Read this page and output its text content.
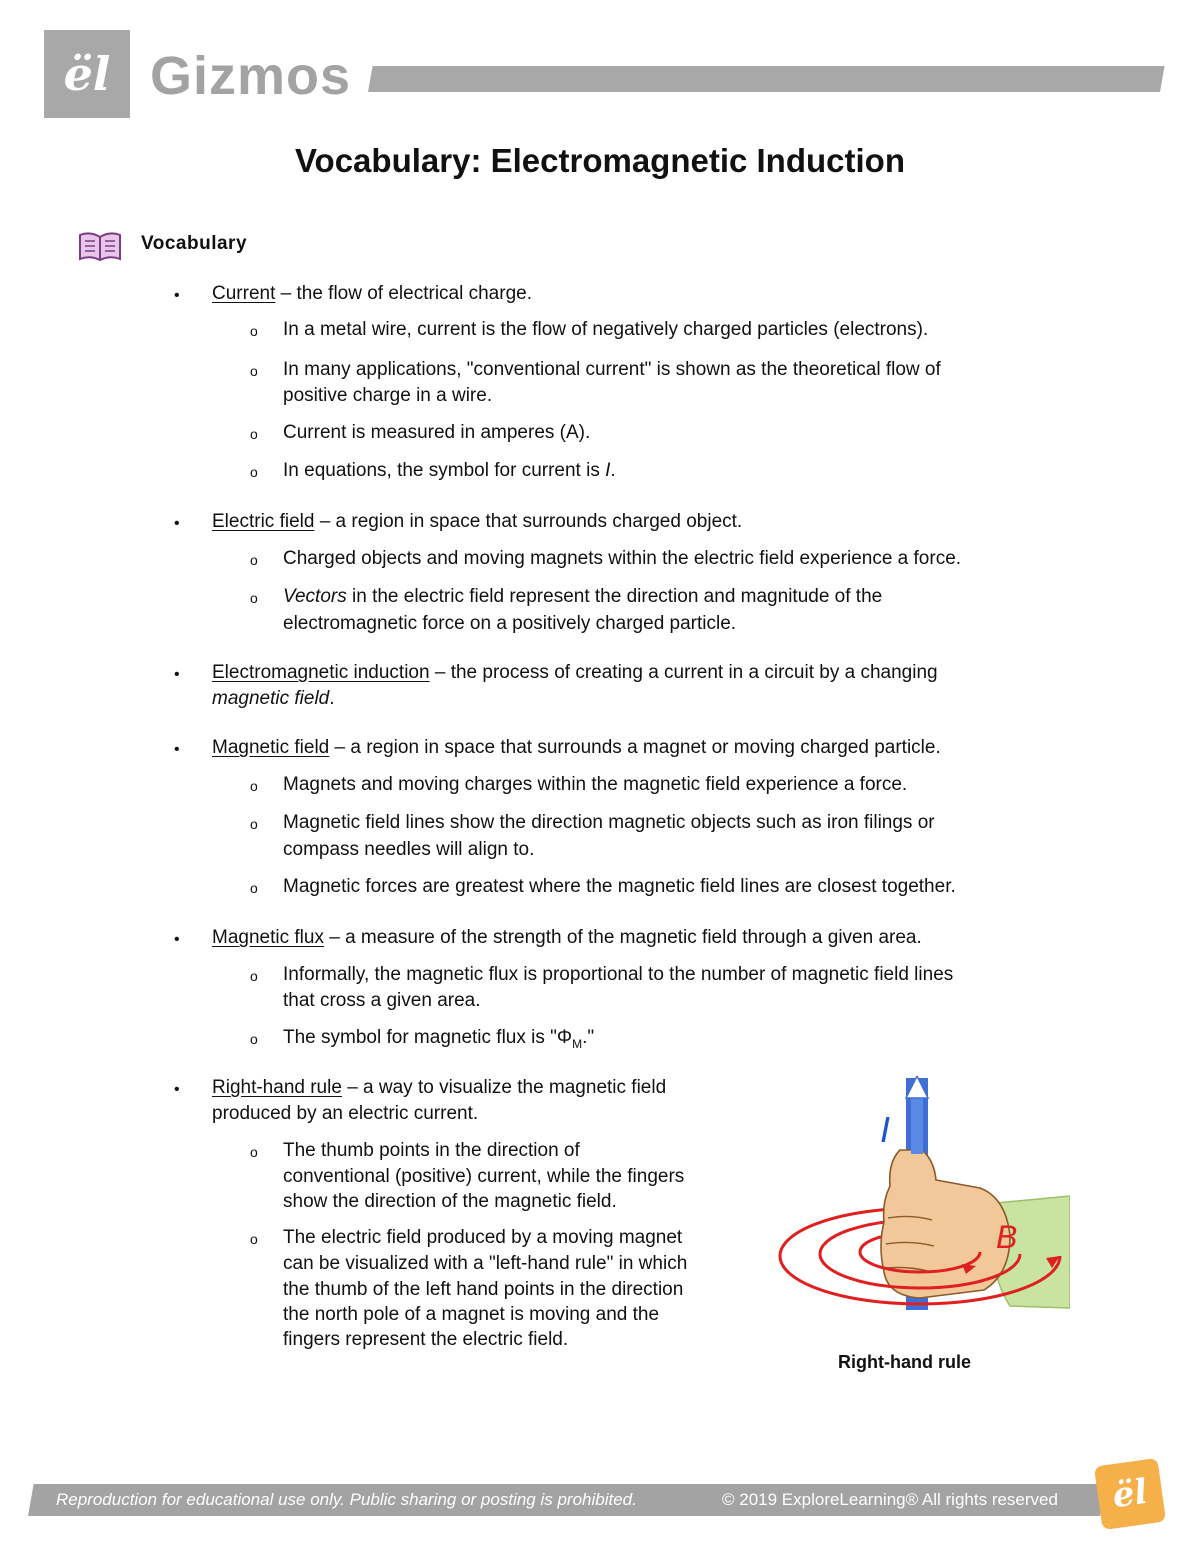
ël Gizmos
Vocabulary: Electromagnetic Induction
Vocabulary
• Current – the flow of electrical charge.
o In a metal wire, current is the flow of negatively charged particles (electrons).
o In many applications, "conventional current" is shown as the theoretical flow of
positive charge in a wire.
o Current is measured in amperes (A).
o In equations, the symbol for current is I.
• Electric field – a region in space that surrounds charged object.
o Charged objects and moving magnets within the electric field experience a force.
o Vectors in the electric field represent the direction and magnitude of the
electromagnetic force on a positively charged particle.
• Electromagnetic induction – the process of creating a current in a circuit by a changing
magnetic field.
• Magnetic field – a region in space that surrounds a magnet or moving charged particle.
o Magnets and moving charges within the magnetic field experience a force.
o Magnetic field lines show the direction magnetic objects such as iron filings or
compass needles will align to.
o Magnetic forces are greatest where the magnetic field lines are closest together.
• Magnetic flux – a measure of the strength of the magnetic field through a given area.
o Informally, the magnetic flux is proportional to the number of magnetic field lines
that cross a given area.
o The symbol for magnetic flux is "$\Phi_M$."
• Right-hand rule – a way to visualize the magnetic field
produced by an electric current.
o The thumb points in the direction of
conventional (positive) current, while the fingers
show the direction of the magnetic field.
o The electric field produced by a moving magnet
can be visualized with a "left-hand rule" in which
the thumb of the left hand points in the direction
the north pole of a magnet is moving and the
fingers represent the electric field.
I
B
Right-hand rule
Reproduction for educational use only. Public sharing or posting is prohibited.	© 2019 ExploreLearning® All rights reserved ël
